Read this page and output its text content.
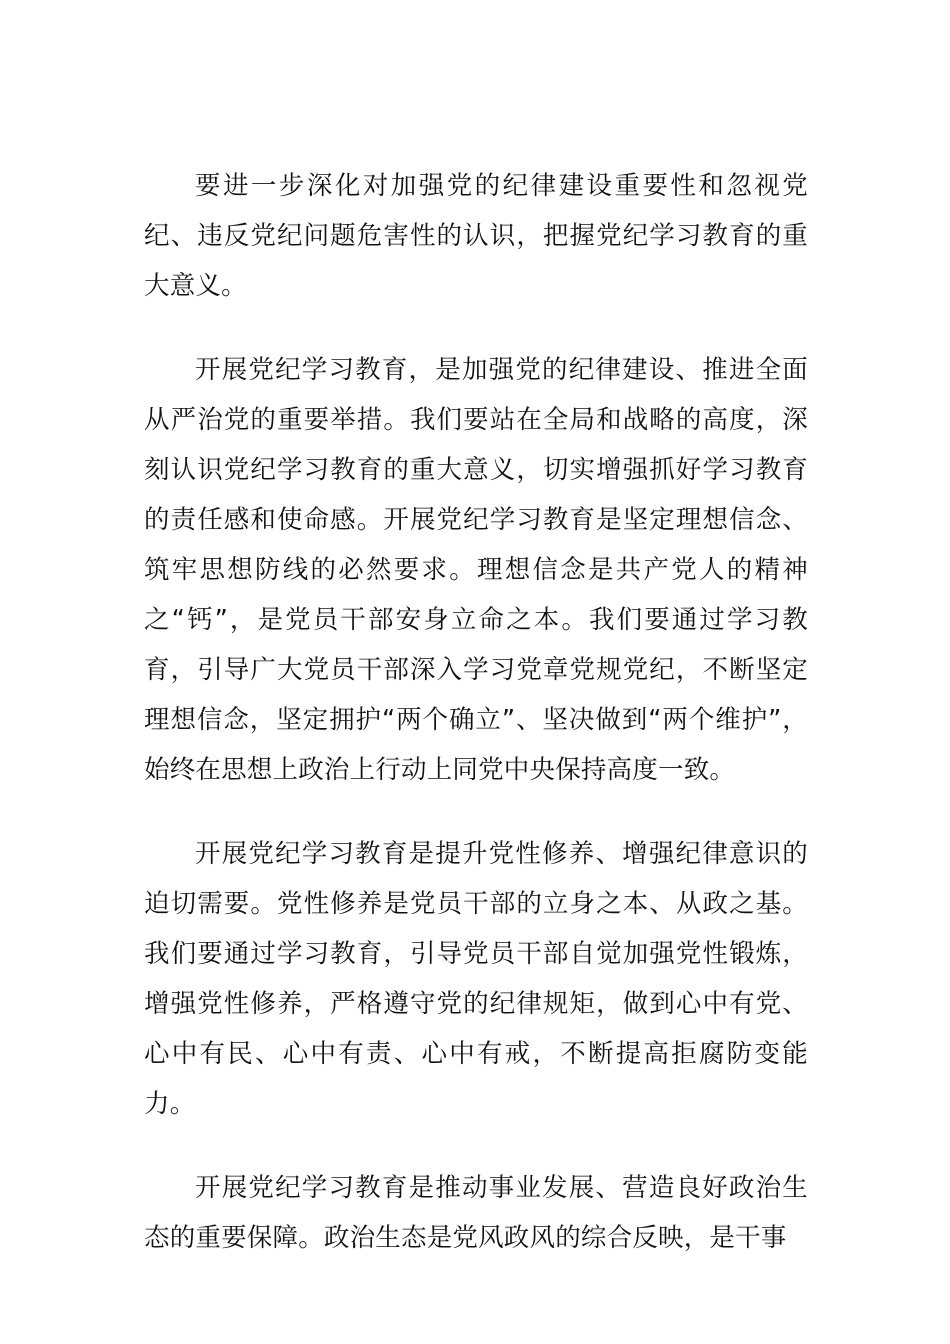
要进一步深化对加强党的纪律建设重要性和忽视党纪、违反党纪问题危害性的认识，把握党纪学习教育的重大意义。

开展党纪学习教育，是加强党的纪律建设、推进全面从严治党的重要举措。我们要站在全局和战略的高度，深刻认识党纪学习教育的重大意义，切实增强抓好学习教育的责任感和使命感。开展党纪学习教育是坚定理想信念、筑牢思想防线的必然要求。理想信念是共产党人的精神之“钙”，是党员干部安身立命之本。我们要通过学习教育，引导广大党员干部深入学习党章党规党纪，不断坚定理想信念，坚定拥护“两个确立”、坚决做到“两个维护”，始终在思想上政治上行动上同党中央保持高度一致。

开展党纪学习教育是提升党性修养、增强纪律意识的迫切需要。党性修养是党员干部的立身之本、从政之基。我们要通过学习教育，引导党员干部自觉加强党性锻炼，增强党性修养，严格遵守党的纪律规矩，做到心中有党、心中有民、心中有责、心中有戒，不断提高拒腐防变能力。

开展党纪学习教育是推动事业发展、营造良好政治生态的重要保障。政治生态是党风政风的综合反映，是干事
